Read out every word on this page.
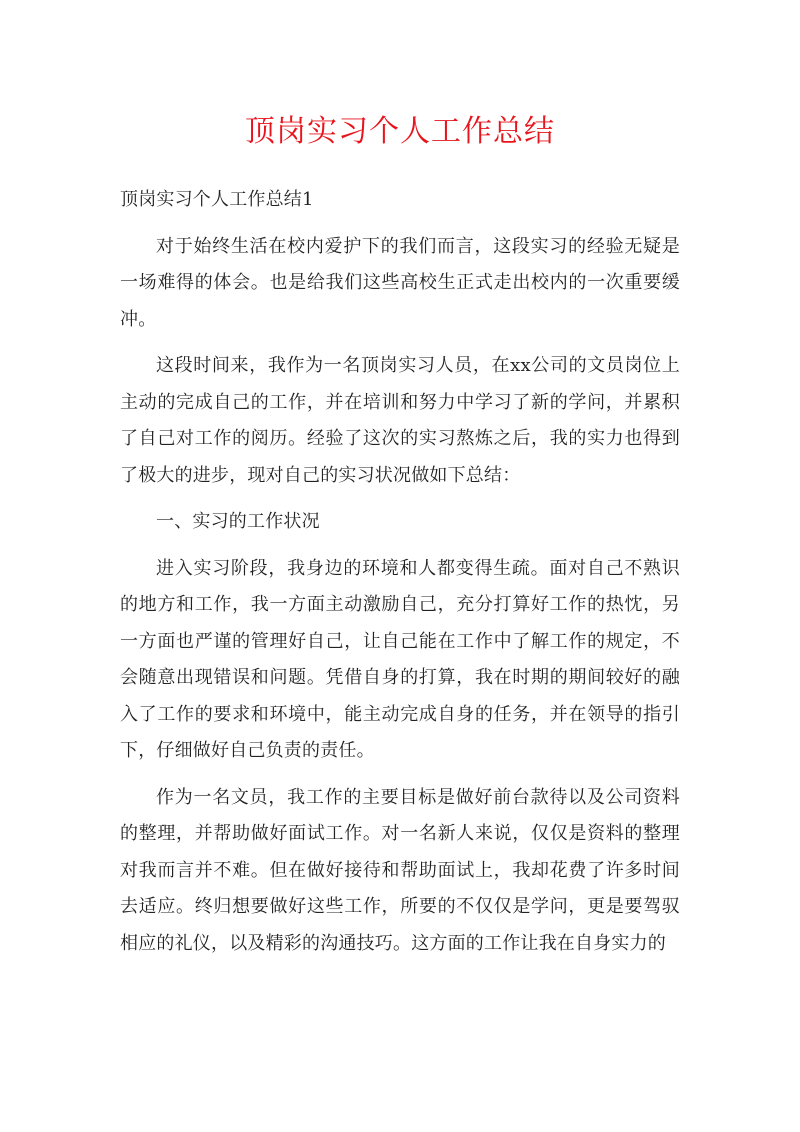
顶岗实习个人工作总结

顶岗实习个人工作总结1

对于始终生活在校内爱护下的我们而言，这段实习的经验无疑是一场难得的体会。也是给我们这些高校生正式走出校内的一次重要缓冲。

这段时间来，我作为一名顶岗实习人员，在xx公司的文员岗位上主动的完成自己的工作，并在培训和努力中学习了新的学问，并累积了自己对工作的阅历。经验了这次的实习熬炼之后，我的实力也得到了极大的进步，现对自己的实习状况做如下总结：

一、实习的工作状况

进入实习阶段，我身边的环境和人都变得生疏。面对自己不熟识的地方和工作，我一方面主动激励自己，充分打算好工作的热忱，另一方面也严谨的管理好自己，让自己能在工作中了解工作的规定，不会随意出现错误和问题。凭借自身的打算，我在时期的期间较好的融入了工作的要求和环境中，能主动完成自身的任务，并在领导的指引下，仔细做好自己负责的责任。

作为一名文员，我工作的主要目标是做好前台款待以及公司资料的整理，并帮助做好面试工作。对一名新人来说，仅仅是资料的整理对我而言并不难。但在做好接待和帮助面试上，我却花费了许多时间去适应。终归想要做好这些工作，所要的不仅仅是学问，更是要驾驭相应的礼仪，以及精彩的沟通技巧。这方面的工作让我在自身实力的
